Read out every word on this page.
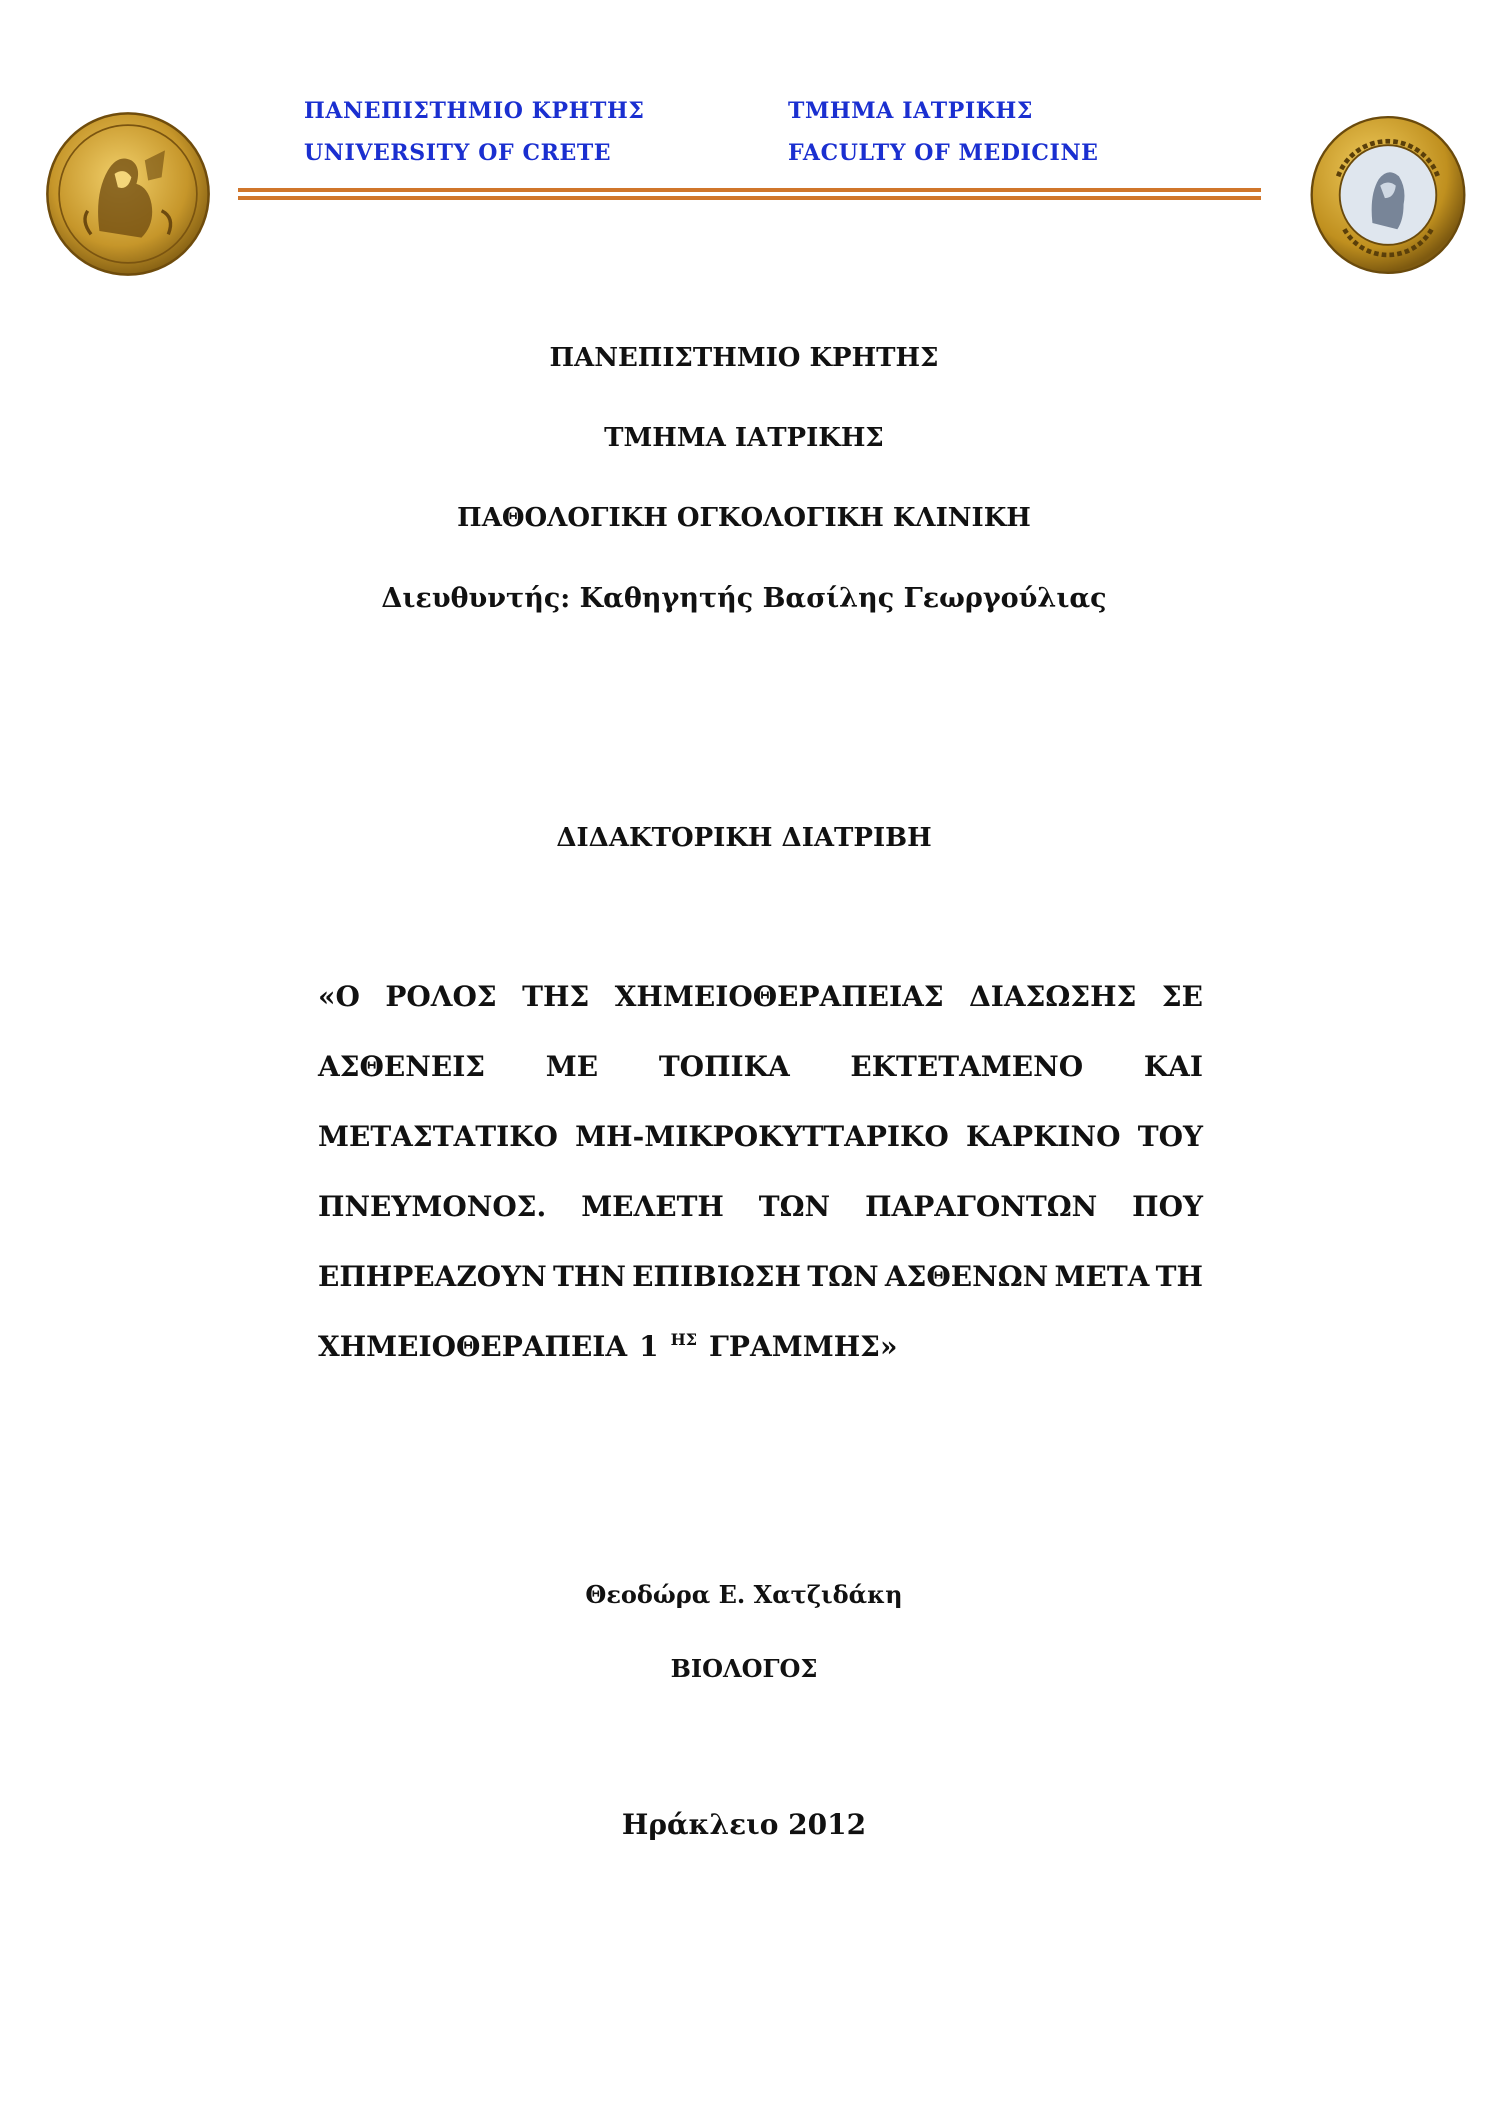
ΠΑΝΕΠΙΣΤΗΜΙΟ ΚΡΗΤΗΣ
UNIVERSITY OF CRETE
ΤΜΗΜΑ ΙΑΤΡΙΚΗΣ
FACULTY OF MEDICINE
ΠΑΝΕΠΙΣΤΗΜΙΟ ΚΡΗΤΗΣ
ΤΜΗΜΑ ΙΑΤΡΙΚΗΣ
ΠΑΘΟΛΟΓΙΚΗ ΟΓΚΟΛΟΓΙΚΗ ΚΛΙΝΙΚΗ
Διευθυντής: Καθηγητής Βασίλης Γεωργούλιας
ΔΙΔΑΚΤΟΡΙΚΗ ΔΙΑΤΡΙΒΗ
«Ο ΡΟΛΟΣ ΤΗΣ ΧΗΜΕΙΟΘΕΡΑΠΕΙΑΣ ΔΙΑΣΩΣΗΣ ΣΕ
ΑΣΘΕΝΕΙΣ ΜΕ ΤΟΠΙΚΑ ΕΚΤΕΤΑΜΕΝΟ ΚΑΙ
ΜΕΤΑΣΤΑΤΙΚΟ ΜΗ-ΜΙΚΡΟΚΥΤΤΑΡΙΚΟ ΚΑΡΚΙΝΟ ΤΟΥ
ΠΝΕΥΜΟΝΟΣ. ΜΕΛΕΤΗ ΤΩΝ ΠΑΡΑΓΟΝΤΩΝ ΠΟΥ
ΕΠΗΡΕΑΖΟΥΝ ΤΗΝ ΕΠΙΒΙΩΣΗ ΤΩΝ ΑΣΘΕΝΩΝ ΜΕΤΑ ΤΗ
ΧΗΜΕΙΟΘΕΡΑΠΕΙΑ 1 $^{H\Sigma}$ ΓΡΑΜΜΗΣ»
Θεοδώρα Ε. Χατζιδάκη
ΒΙΟΛΟΓΟΣ
Ηράκλειο 2012
